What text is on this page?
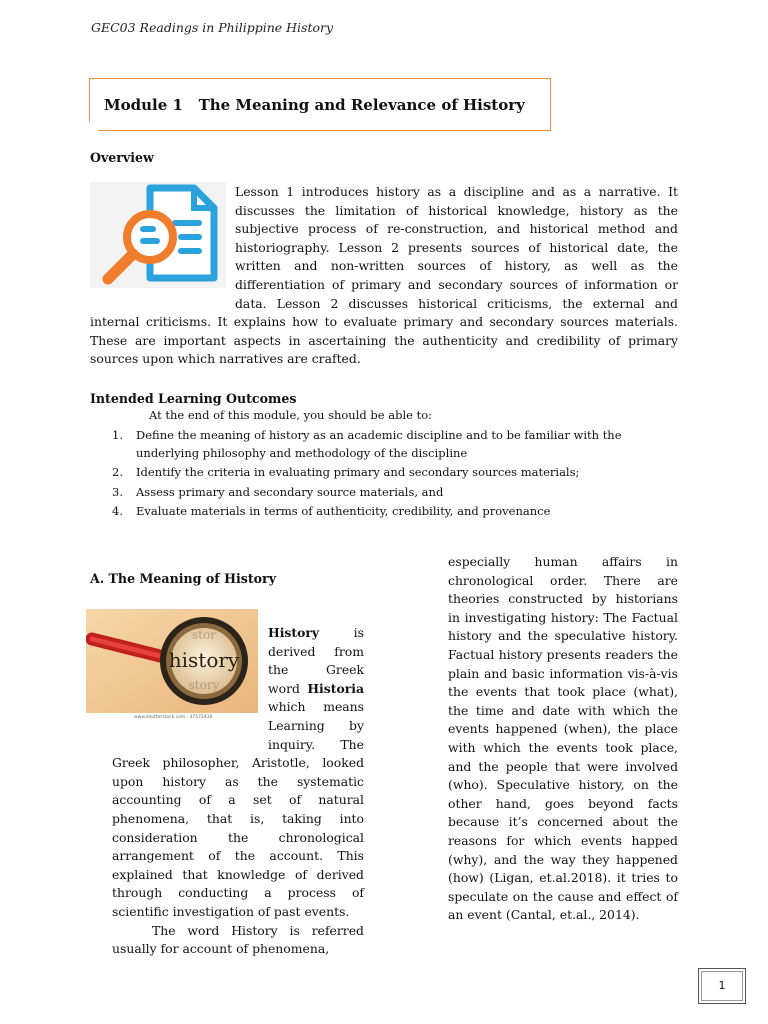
GEC03 Readings in Philippine History
Module 1   The Meaning and Relevance of History
Overview
Lesson 1 introduces history as a discipline and as a narrative. It discusses the limitation of historical knowledge, history as the subjective process of re-construction, and historical method and historiography. Lesson 2 presents sources of historical date, the written and non-written sources of history, as well as the differentiation of primary and secondary sources of information or data. Lesson 2 discusses historical criticisms, the external and internal criticisms. It explains how to evaluate primary and secondary sources materials. These are important aspects in ascertaining the authenticity and credibility of primary sources upon which narratives are crafted.
Intended Learning Outcomes
At the end of this module, you should be able to:
1. Define the meaning of history as an academic discipline and to be familiar with the underlying philosophy and methodology of the discipline
2. Identify the criteria in evaluating primary and secondary sources materials;
3. Assess primary and secondary source materials, and
4. Evaluate materials in terms of authenticity, credibility, and provenance
A. The Meaning of History
stor
history
story
www.shutterstock.com · 47572430
History is derived from the Greek word Historia which means Learning by inquiry. The Greek philosopher, Aristotle, looked upon history as the systematic accounting of a set of natural phenomena, that is, taking into consideration the chronological arrangement of the account. This explained that knowledge of derived through conducting a process of scientific investigation of past events.
The word History is referred usually for account of phenomena,
especially human affairs in chronological order. There are theories constructed by historians in investigating history: The Factual history and the speculative history. Factual history presents readers the plain and basic information vis-à-vis the events that took place (what), the time and date with which the events happened (when), the place with which the events took place, and the people that were involved (who). Speculative history, on the other hand, goes beyond facts because it’s concerned about the reasons for which events happed (why), and the way they happened (how) (Ligan, et.al.2018). it tries to speculate on the cause and effect of an event (Cantal, et.al., 2014).
1
